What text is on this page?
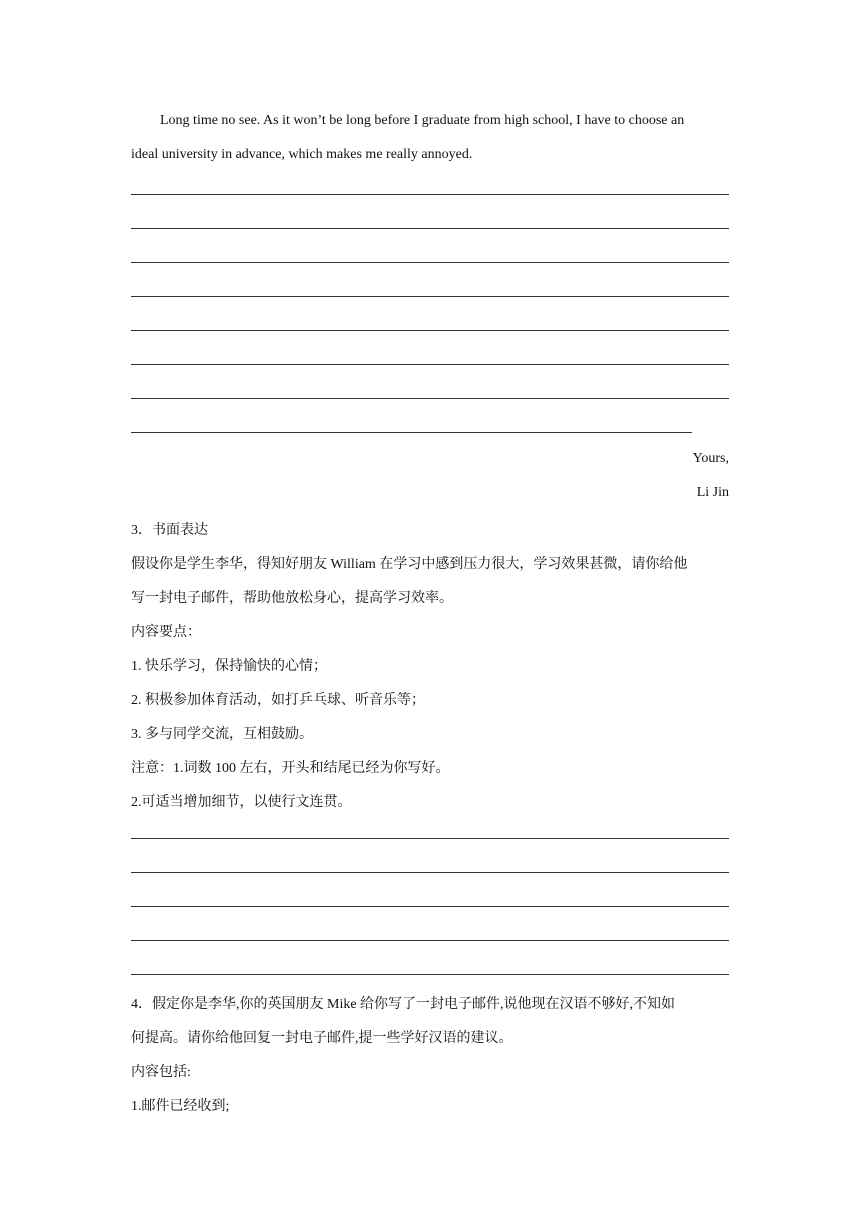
Long time no see. As it won’t be long before I graduate from high school, I have to choose an
ideal university in advance, which makes me really annoyed.
Yours,
Li Jin
3．书面表达
假设你是学生李华，得知好朋友 William 在学习中感到压力很大，学习效果甚微，请你给他
写一封电子邮件，帮助他放松身心，提高学习效率。
内容要点：
1. 快乐学习，保持愉快的心情；
2. 积极参加体育活动，如打乒乓球、听音乐等；
3. 多与同学交流，互相鼓励。
注意：1.词数 100 左右，开头和结尾已经为你写好。
2.可适当增加细节，以使行文连贯。
4．假定你是李华,你的英国朋友 Mike 给你写了一封电子邮件,说他现在汉语不够好,不知如
何提高。请你给他回复一封电子邮件,提一些学好汉语的建议。
内容包括:
1.邮件已经收到;
